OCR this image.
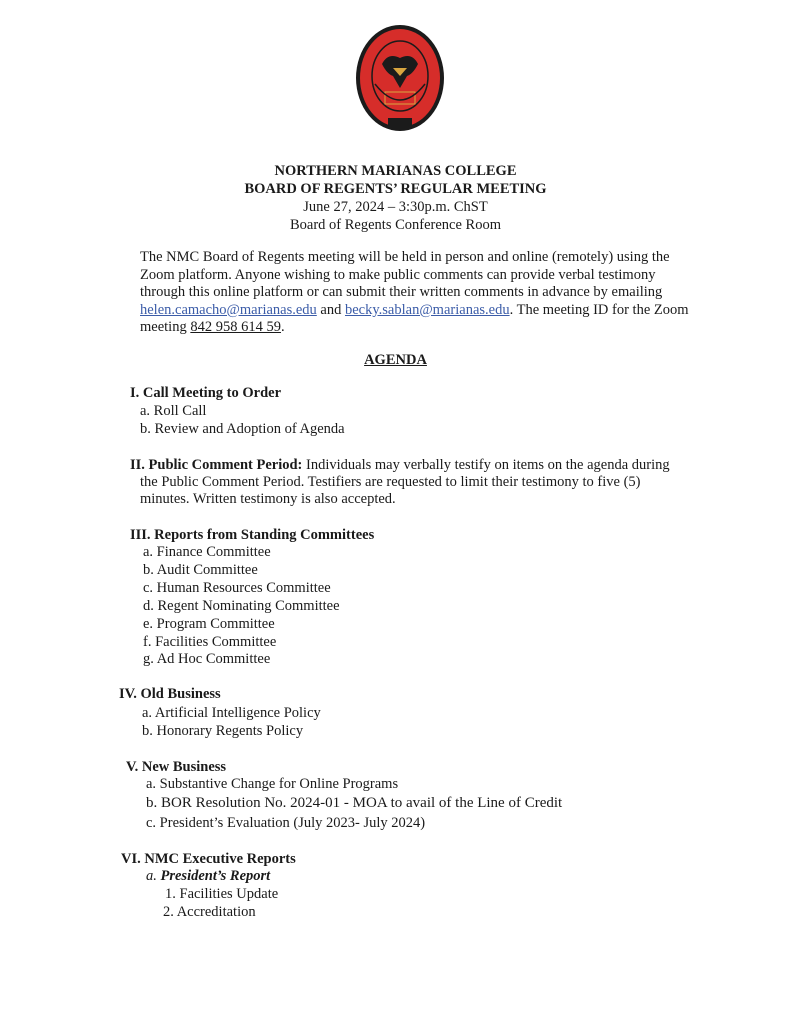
NORTHERN MARIANAS COLLEGE
BOARD OF REGENTS’ REGULAR MEETING
June 27, 2024 – 3:30p.m. ChST
Board of Regents Conference Room
The NMC Board of Regents meeting will be held in person and online (remotely) using the Zoom platform. Anyone wishing to make public comments can provide verbal testimony through this online platform or can submit their written comments in advance by emailing helen.camacho@marianas.edu and becky.sablan@marianas.edu. The meeting ID for the Zoom meeting 842 958 614 59.
AGENDA
I. Call Meeting to Order
a. Roll Call
b. Review and Adoption of Agenda
II. Public Comment Period: Individuals may verbally testify on items on the agenda during
the Public Comment Period. Testifiers are requested to limit their testimony to five (5)
minutes. Written testimony is also accepted.
III. Reports from Standing Committees
a. Finance Committee
b. Audit Committee
c. Human Resources Committee
d. Regent Nominating Committee
e. Program Committee
f. Facilities Committee
g. Ad Hoc Committee
IV. Old Business
a. Artificial Intelligence Policy
b. Honorary Regents Policy
V. New Business
a. Substantive Change for Online Programs
b. BOR Resolution No. 2024-01 - MOA to avail of the Line of Credit
c. President’s Evaluation (July 2023- July 2024)
VI. NMC Executive Reports
a. President’s Report
1. Facilities Update
2. Accreditation
